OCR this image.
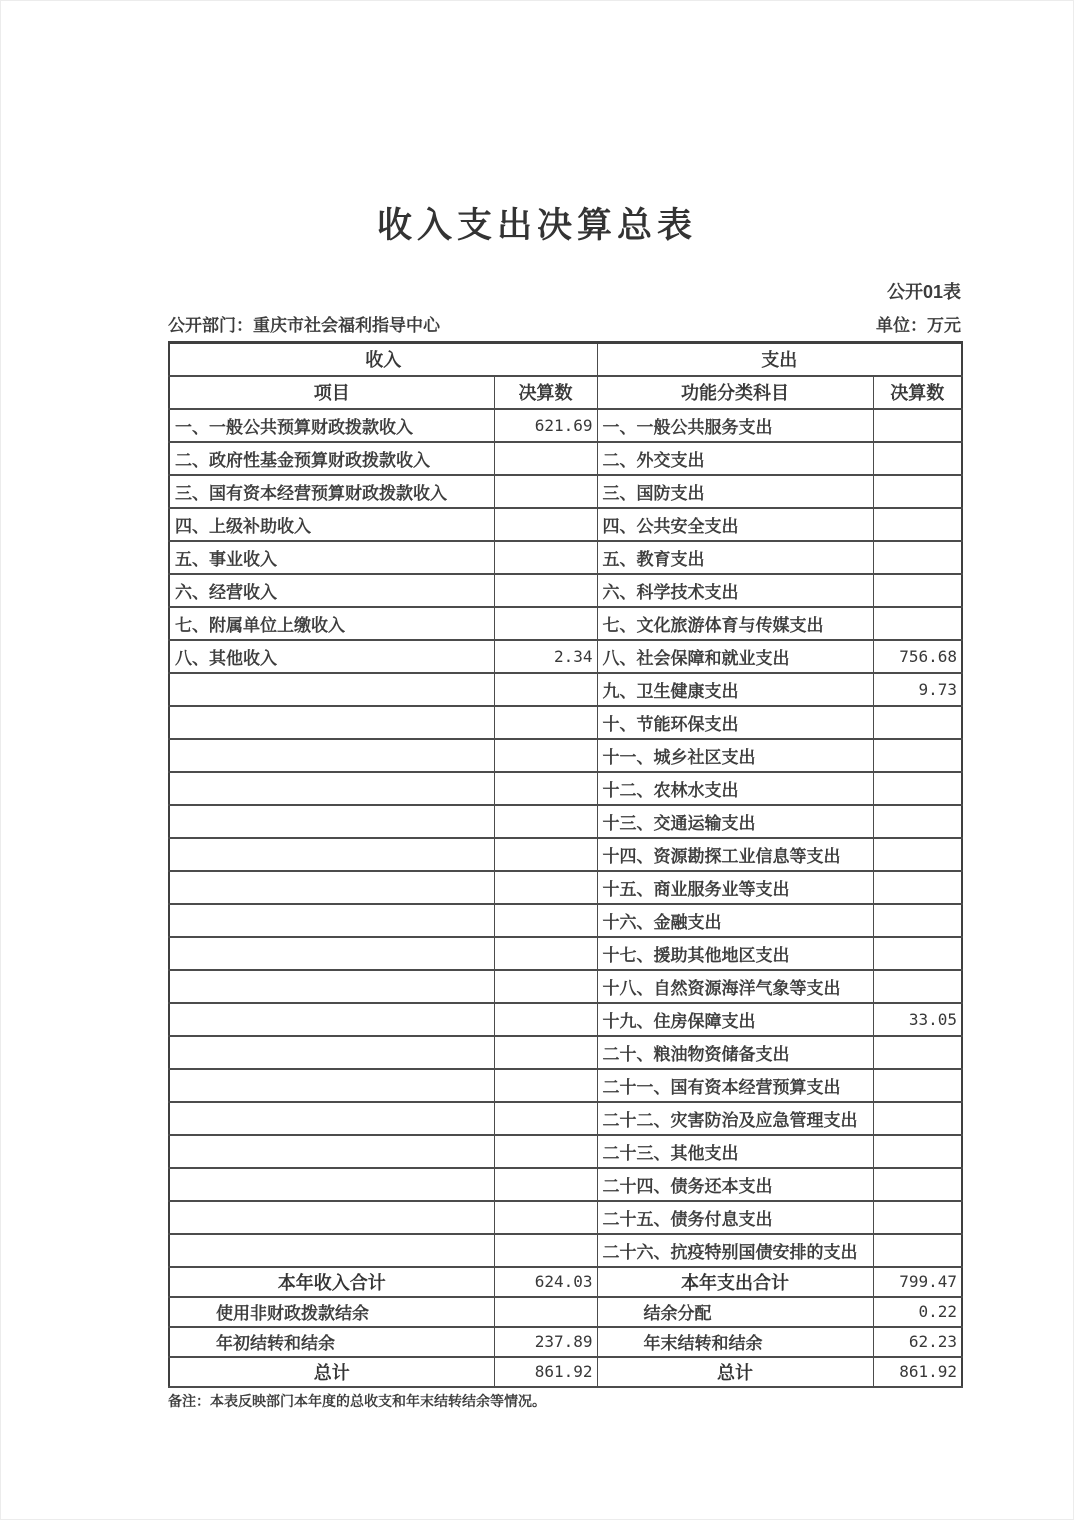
收入支出决算总表
公开01表
公开部门：重庆市社会福利指导中心	单位：万元
收入		支出	
项目	决算数	功能分类科目	决算数
一、一般公共预算财政拨款收入	621.69	一、一般公共服务支出	
二、政府性基金预算财政拨款收入		二、外交支出	
三、国有资本经营预算财政拨款收入		三、国防支出	
四、上级补助收入		四、公共安全支出	
五、事业收入		五、教育支出	
六、经营收入		六、科学技术支出	
七、附属单位上缴收入		七、文化旅游体育与传媒支出	
八、其他收入	2.34	八、社会保障和就业支出	756.68
		九、卫生健康支出	9.73
		十、节能环保支出	
		十一、城乡社区支出	
		十二、农林水支出	
		十三、交通运输支出	
		十四、资源勘探工业信息等支出	
		十五、商业服务业等支出	
		十六、金融支出	
		十七、援助其他地区支出	
		十八、自然资源海洋气象等支出	
		十九、住房保障支出	33.05
		二十、粮油物资储备支出	
		二十一、国有资本经营预算支出	
		二十二、灾害防治及应急管理支出	
		二十三、其他支出	
		二十四、债务还本支出	
		二十五、债务付息支出	
		二十六、抗疫特别国债安排的支出	
本年收入合计	624.03	本年支出合计	799.47
使用非财政拨款结余		结余分配	0.22
年初结转和结余	237.89	年末结转和结余	62.23
总计	861.92	总计	861.92
备注：本表反映部门本年度的总收支和年末结转结余等情况。
